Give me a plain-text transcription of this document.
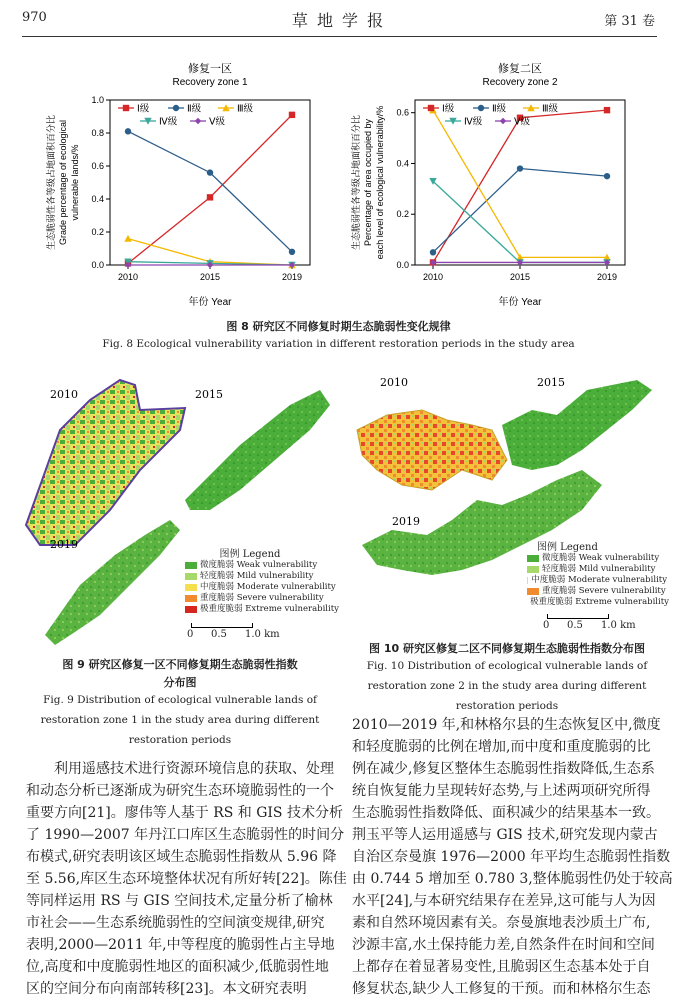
970	草 地 学 报	第 31 卷
修复一区
Recovery zone 1
年份 Year
生态脆弱性各等级占地面积百分比 Grade percentage of ecological vulnerable lands/%
0.0
0.2
0.4
0.6
0.8
1.0
2010	2015	2019
Ⅰ级	Ⅱ级	Ⅲ级
Ⅳ级	Ⅴ级
修复二区
Recovery zone 2
年份 Year
生态脆弱性各等级占地面积百分比 Percentage of area occupied by each level of ecological vulnerability/%
0.0
0.2
0.4
0.6
2010	2015	2019
Ⅰ级	Ⅱ级	Ⅲ级
Ⅳ级	Ⅴ级
图 8 研究区不同修复时期生态脆弱性变化规律
Fig. 8 Ecological vulnerability variation in different restoration periods in the study area
2010	2015
2019
图例 Legend
微度脆弱 Weak vulnerability
轻度脆弱 Mild vulnerability
中度脆弱 Moderate vulnerability
重度脆弱 Severe vulnerability
极重度脆弱 Extreme vulnerability
0 0.5 1.0 km
图 9 研究区修复一区不同修复期生态脆弱性指数
分布图
Fig. 9 Distribution of ecological vulnerable lands of
restoration zone 1 in the study area during different
restoration periods
2010	2015
2019
图例 Legend
微度脆弱 Weak vulnerability
轻度脆弱 Mild vulnerability
中度脆弱 Moderate vulnerability
重度脆弱 Severe vulnerability
极重度脆弱 Extreme vulnerability
0 0.5 1.0 km
图 10 研究区修复二区不同修复期生态脆弱性指数分布图
Fig. 10 Distribution of ecological vulnerable lands of
restoration zone 2 in the study area during different
restoration periods

利用遥感技术进行资源环境信息的获取、处理

和动态分析已逐渐成为研究生态环境脆弱性的一个

重要方向[21]。廖伟等人基于 RS 和 GIS 技术分析

了 1990—2007 年丹江口库区生态脆弱性的时间分

布模式,研究表明该区域生态脆弱性指数从 5.96 降

至 5.56,库区生态环境整体状况有所好转[22]。陈佳

等同样运用 RS 与 GIS 空间技术,定量分析了榆林

市社会——生态系统脆弱性的空间演变规律,研究

表明,2000—2011 年,中等程度的脆弱性占主导地

位,高度和中度脆弱性地区的面积减少,低脆弱性地

区的空间分布向南部转移[23]。本文研究表明

2010—2019 年,和林格尔县的生态恢复区中,微度

和轻度脆弱的比例在增加,而中度和重度脆弱的比

例在减少,修复区整体生态脆弱性指数降低,生态系

统自恢复能力呈现转好态势,与上述两项研究所得

生态脆弱性指数降低、面积减少的结果基本一致。

荆玉平等人运用遥感与 GIS 技术,研究发现内蒙古

自治区奈曼旗 1976—2000 年平均生态脆弱性指数

由 0.744 5 增加至 0.780 3,整体脆弱性仍处于较高

水平[24],与本研究结果存在差异,这可能与人为因

素和自然环境因素有关。奈曼旗地表沙质土广布,

沙源丰富,水土保持能力差,自然条件在时间和空间

上都存在着显著易变性,且脆弱区生态基本处于自

修复状态,缺少人工修复的干预。而和林格尔生态
